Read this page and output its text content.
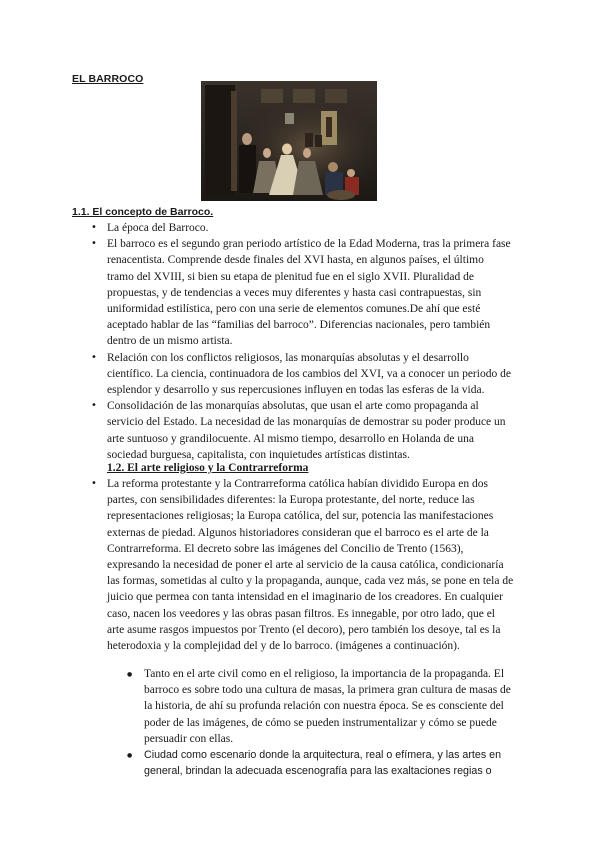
EL BARROCO
1.1. El concepto de Barroco.
• La época del Barroco.
• El barroco es el segundo gran periodo artístico de la Edad Moderna, tras la primera fase renacentista. Comprende desde finales del XVI hasta, en algunos países, el último tramo del XVIII, si bien su etapa de plenitud fue en el siglo XVII. Pluralidad de propuestas, y de tendencias a veces muy diferentes y hasta casi contrapuestas, sin uniformidad estilística, pero con una serie de elementos comunes.De ahí que esté aceptado hablar de las “familias del barroco”. Diferencias nacionales, pero también dentro de un mismo artista.
• Relación con los conflictos religiosos, las monarquías absolutas y el desarrollo científico. La ciencia, continuadora de los cambios del XVI, va a conocer un periodo de esplendor y desarrollo y sus repercusiones influyen en todas las esferas de la vida.
• Consolidación de las monarquías absolutas, que usan el arte como propaganda al servicio del Estado. La necesidad de las monarquías de demostrar su poder produce un arte suntuoso y grandilocuente. Al mismo tiempo, desarrollo en Holanda de una sociedad burguesa, capitalista, con inquietudes artísticas distintas.
1.2. El arte religioso y la Contrarreforma
• La reforma protestante y la Contrarreforma católica habían dividido Europa en dos partes, con sensibilidades diferentes: la Europa protestante, del norte, reduce las representaciones religiosas; la Europa católica, del sur, potencia las manifestaciones externas de piedad. Algunos historiadores consideran que el barroco es el arte de la Contrarreforma. El decreto sobre las imágenes del Concilio de Trento (1563), expresando la necesidad de poner el arte al servicio de la causa católica, condicionaría las formas, sometidas al culto y la propaganda, aunque, cada vez más, se pone en tela de juicio que permea con tanta intensidad en el imaginario de los creadores. En cualquier caso, nacen los veedores y las obras pasan filtros. Es innegable, por otro lado, que el arte asume rasgos impuestos por Trento (el decoro), pero también los desoye, tal es la heterodoxia y la complejidad del y de lo barroco. (imágenes a continuación).
● Tanto en el arte civil como en el religioso, la importancia de la propaganda. El barroco es sobre todo una cultura de masas, la primera gran cultura de masas de la historia, de ahí su profunda relación con nuestra época. Se es consciente del poder de las imágenes, de cómo se pueden instrumentalizar y cómo se puede persuadir con ellas.
● Ciudad como escenario donde la arquitectura, real o efímera, y las artes en general, brindan la adecuada escenografía para las exaltaciones regias o
